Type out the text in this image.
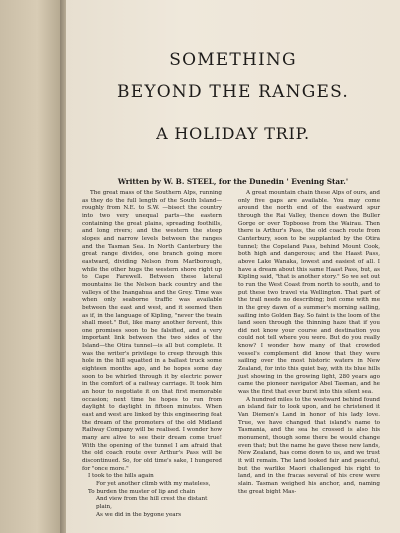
SOMETHING
BEYOND THE RANGES.
A HOLIDAY TRIP.
Written by W. B. STEEL, for the Dunedin ' Evening Star.'

The great mass of the Southern Alps, running as they do the full length of the South Island—roughly from N.E. to S.W. —bisect the country into two very unequal parts—the eastern containing the great plains, spreading foothills, and long rivers; and the western the steep slopes and narrow levels between the ranges and the Tasman Sea. In North Canterbury the great range divides, one branch going more eastward, dividing Nelson from Marlborough, while the other hugs the western shore right up to Cape Farewell. Between these lateral mountains lie the Nelson back country and the valleys of the Inangahua and the Grey. Time was when only seaborne traffic was available between the east and west, and it seemed then as if, in the language of Kipling, "never the twain shall meet." But, like many another fervent, this one promises soon to be falsified, and a very important link between the two sides of the Island—the Otira tunnel—is all but complete. It was the writer's privilege to creep through this hole in the hill squatted in a ballast truck some eighteen months ago, and he hopes some day soon to be whirled through it by electric power in the comfort of a railway carriage. It took him an hour to negotiate it on that first memorable occasion; next time he hopes to run from daylight to daylight in fifteen minutes. When east and west are linked by this engineering feat the dream of the promoters of the old Midland Railway Company will be realised. I wonder how many are alive to see their dream come true! With the opening of the tunnel I am afraid that the old coach route over Arthur's Pass will be discontinued. So, for old time's sake, I hungered for "once more."

I took to the hills again

For yet another climb with my mateless,

To burden the muster of lip and chain

And view from the hill crest the distant plain,

As we did in the bygone years

A great mountain chain these Alps of ours, and only five gaps are available. You may come around the north end of the eastward spur through the Rai Valley, thence down the Buller Gorge or over Topboose from the Wairau. Then there is Arthur's Pass, the old coach route from Canterbury, soon to be supplanted by the Otira tunnel; the Copeland Pass, behind Mount Cook, both high and dangerous; and the Haast Pass, above Lake Wanaka, lowest and easiest of all. I have a dream about this same Haast Pass, but, as Kipling said, "that is another story." So we set out to run the West Coast from north to south, and to put these two travel via Wellington. That part of the trail needs no describing; but come with me in the grey dawn of a summer's morning sailing, sailing into Golden Bay. So faint is the loom of the land seen through the thinning haze that if you did not know your course and destination you could not tell where you were. But do you really know? I wonder how many of that crowded vessel's complement did know that they were sailing over the most historic waters in New Zealand, for into this quiet bay, with its blue hills just showing in the growing light, 280 years ago came the pioneer navigator Abel Tasman, and he was the first that ever burst into this silent sea.

A hundred miles to the westward behind found an island fair to look upon, and he christened it Van Diemen's Land in honor of his lady love. True, we have changed that island's name to Tasmania, and the sea he crossed is also his monument, though some there be would change even that; but the name he gave these new lands, New Zealand, has come down to us, and we trust it will remain. The land looked fair and peaceful, but the warlike Maori challenged his right to land, and in the fracas several of his crew were slain. Tasman weighed his anchor, and, naming the great bight Mas-
